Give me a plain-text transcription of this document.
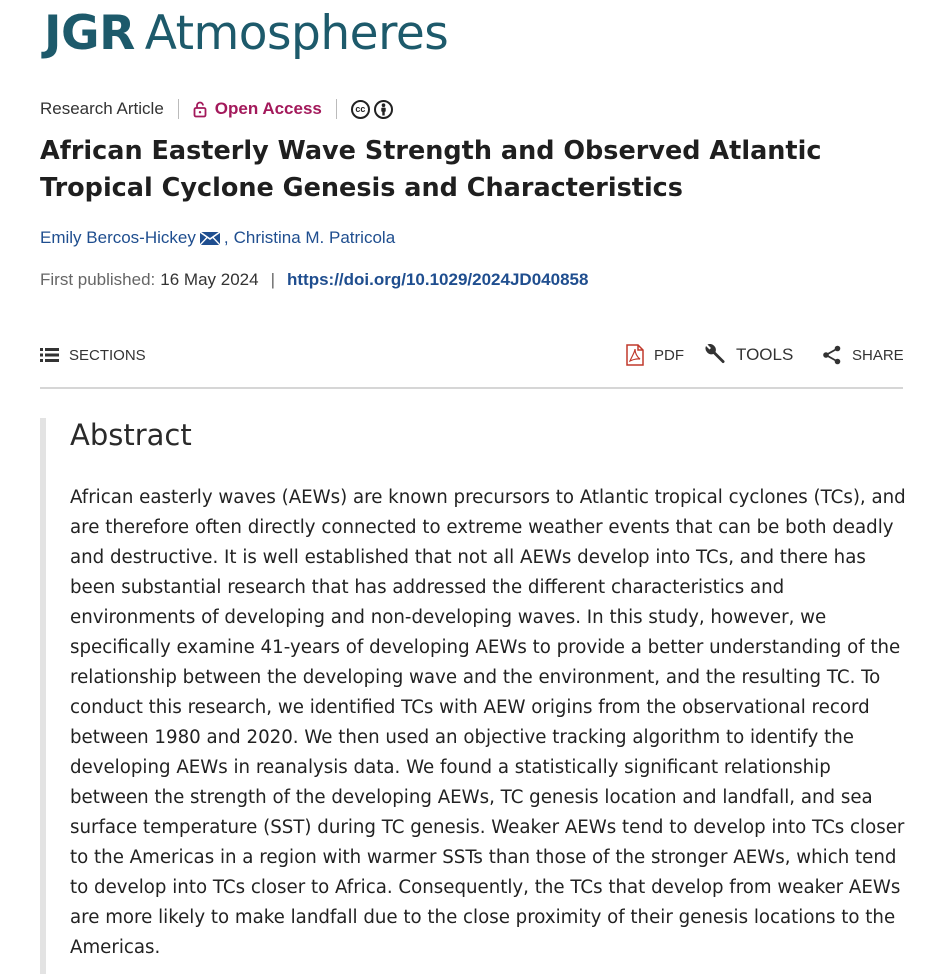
JGR Atmospheres
Research Article	Open Access	cc
African Easterly Wave Strength and Observed Atlantic Tropical Cyclone Genesis and Characteristics
Emily Bercos-Hickey , Christina M. Patricola
First published: 16 May 2024 | https://doi.org/10.1029/2024JD040858
SECTIONS	PDF	TOOLS	SHARE
Abstract

African easterly waves (AEWs) are known precursors to Atlantic tropical cyclones (TCs), and are therefore often directly connected to extreme weather events that can be both deadly and destructive. It is well established that not all AEWs develop into TCs, and there has been substantial research that has addressed the different characteristics and environments of developing and non-developing waves. In this study, however, we specifically examine 41-years of developing AEWs to provide a better understanding of the relationship between the developing wave and the environment, and the resulting TC. To conduct this research, we identified TCs with AEW origins from the observational record between 1980 and 2020. We then used an objective tracking algorithm to identify the developing AEWs in reanalysis data. We found a statistically significant relationship between the strength of the developing AEWs, TC genesis location and landfall, and sea surface temperature (SST) during TC genesis. Weaker AEWs tend to develop into TCs closer to the Americas in a region with warmer SSTs than those of the stronger AEWs, which tend to develop into TCs closer to Africa. Consequently, the TCs that develop from weaker AEWs are more likely to make landfall due to the close proximity of their genesis locations to the Americas.
